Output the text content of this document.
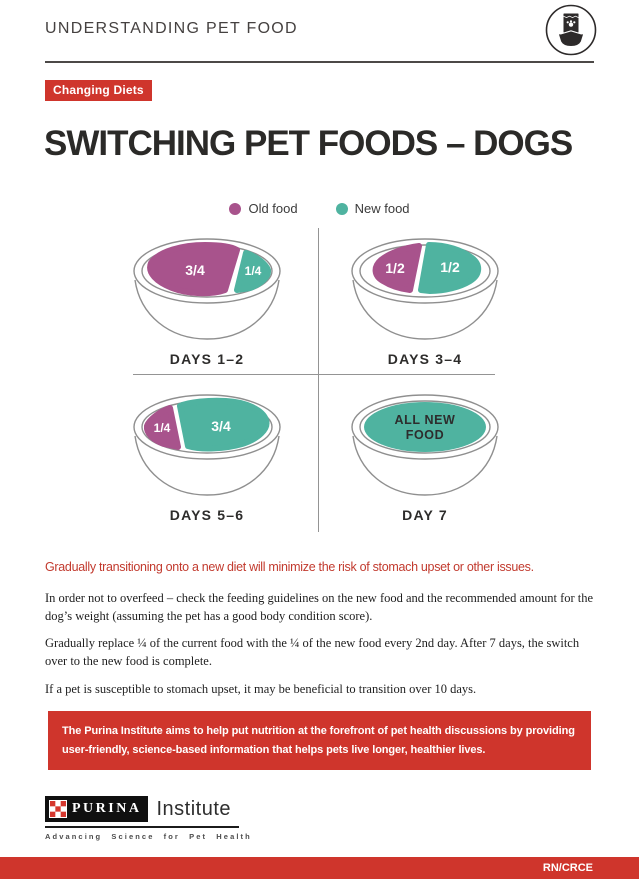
UNDERSTANDING PET FOOD
Changing Diets
SWITCHING PET FOODS – DOGS
Old food	New food
3/4	1/4
DAYS 1–2
1/2	1/2
DAYS 3–4
1/4	3/4
DAYS 5–6
ALL NEW
FOOD
DAY 7
Gradually transitioning onto a new diet will minimize the risk of stomach upset or other issues.

In order not to overfeed – check the feeding guidelines on the new food and the recommended amount for the dog’s weight (assuming the pet has a good body condition score).

Gradually replace ¼ of the current food with the ¼ of the new food every 2nd day. After 7 days, the switch over to the new food is complete.

If a pet is susceptible to stomach upset, it may be beneficial to transition over 10 days.

The Purina Institute aims to help put nutrition at the forefront of pet health discussions by providing user-friendly, science-based information that helps pets live longer, healthier lives.
PURINA Institute
Advancing Science for Pet Health
RN/CRCE
